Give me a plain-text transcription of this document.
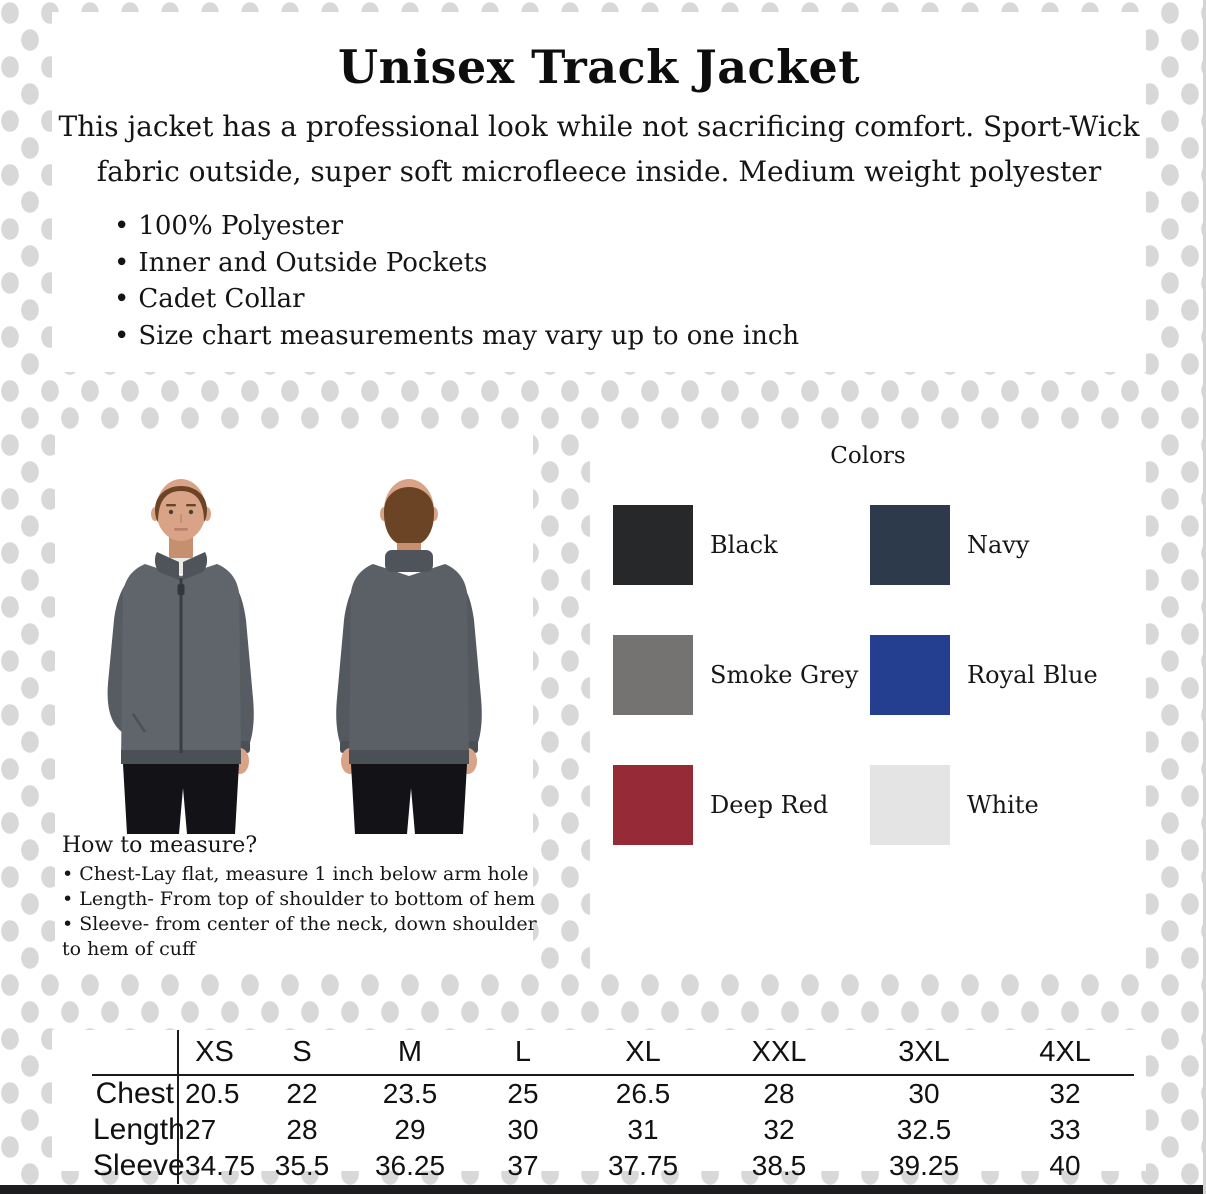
Unisex Track Jacket

This jacket has a professional look while not sacrificing comfort. Sport-Wick
fabric outside, super soft microfleece inside. Medium weight polyester

• 100% Polyester
• Inner and Outside Pockets
• Cadet Collar
• Size chart measurements may vary up to one inch

How to measure?

• Chest-Lay flat, measure 1 inch below arm hole
• Length- From top of shoulder to bottom of hem
• Sleeve- from center of the neck, down shoulder to hem of cuff
Colors
Black	Navy
Smoke Grey	Royal Blue
Deep Red	White
	XS	S	M	L	XL	XXL	3XL	4XL
Chest	20.5	22	23.5	25	26.5	28	30	32
Length	27	28	29	30	31	32	32.5	33
Sleeve	34.75	35.5	36.25	37	37.75	38.5	39.25	40
